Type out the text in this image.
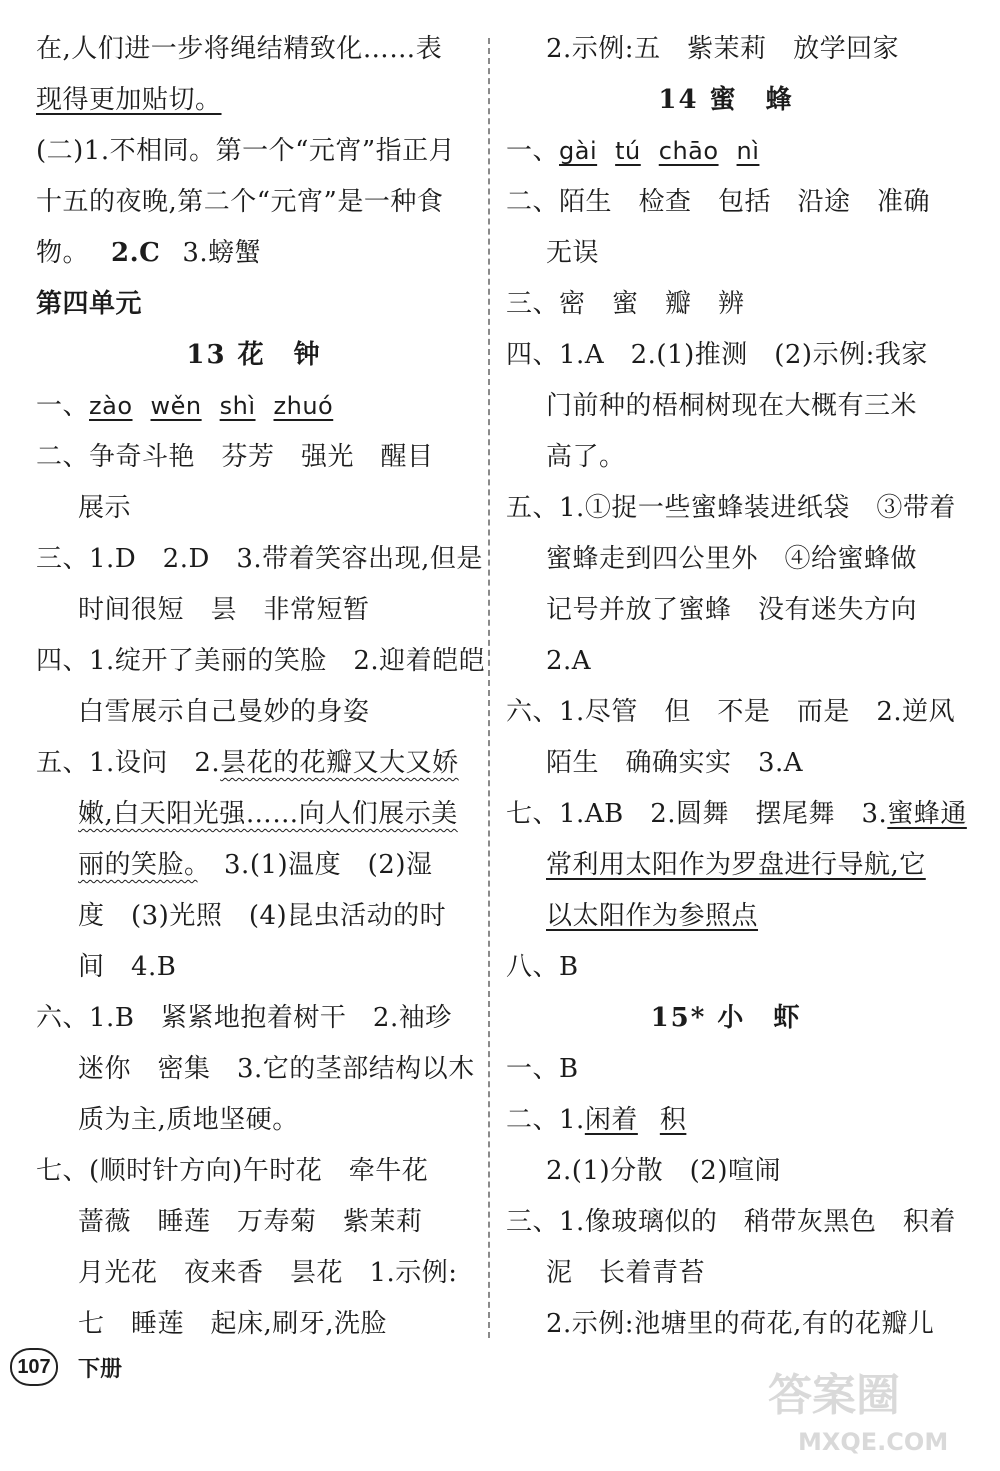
在,人们进一步将绳结精致化……表
现得更加贴切。
(二)1.不相同。第一个“元宵”指正月
十五的夜晚,第二个“元宵”是一种食
物。 2.C 3.螃蟹
第四单元
13 花　钟
一、zào wěn shì zhuó
二、争奇斗艳　芬芳　强光　醒目
展示
三、1.D　2.D　3.带着笑容出现,但是
时间很短　昙　非常短暂
四、1.绽开了美丽的笑脸　2.迎着皑皑
白雪展示自己曼妙的身姿
五、1.设问　2.昙花的花瓣又大又娇
嫩,白天阳光强……向人们展示美
丽的笑脸。　3.(1)温度　(2)湿
度　(3)光照　(4)昆虫活动的时
间　4.B
六、1.B　紧紧地抱着树干　2.袖珍
迷你　密集　3.它的茎部结构以木
质为主,质地坚硬。
七、(顺时针方向)午时花　牵牛花
蔷薇　睡莲　万寿菊　紫茉莉
月光花　夜来香　昙花　1.示例:
七　睡莲　起床,刷牙,洗脸
2.示例:五　紫茉莉　放学回家
14 蜜　蜂
一、gài tú chāo nì
二、陌生　检查　包括　沿途　准确
无误
三、密　蜜　瓣　辨
四、1.A　2.(1)推测　(2)示例:我家
门前种的梧桐树现在大概有三米
高了。
五、1.①捉一些蜜蜂装进纸袋　③带着
蜜蜂走到四公里外　④给蜜蜂做
记号并放了蜜蜂　没有迷失方向
2.A
六、1.尽管　但　不是　而是　2.逆风
陌生　确确实实　3.A
七、1.AB　2.圆舞　摆尾舞　3.蜜蜂通
常利用太阳作为罗盘进行导航,它
以太阳作为参照点
八、B
15* 小　虾
一、B
二、1.闲着 积
2.(1)分散　(2)喧闹
三、1.像玻璃似的　稍带灰黑色　积着
泥　长着青苔
2.示例:池塘里的荷花,有的花瓣儿
107	下册
答案圈
MXQE.COM
